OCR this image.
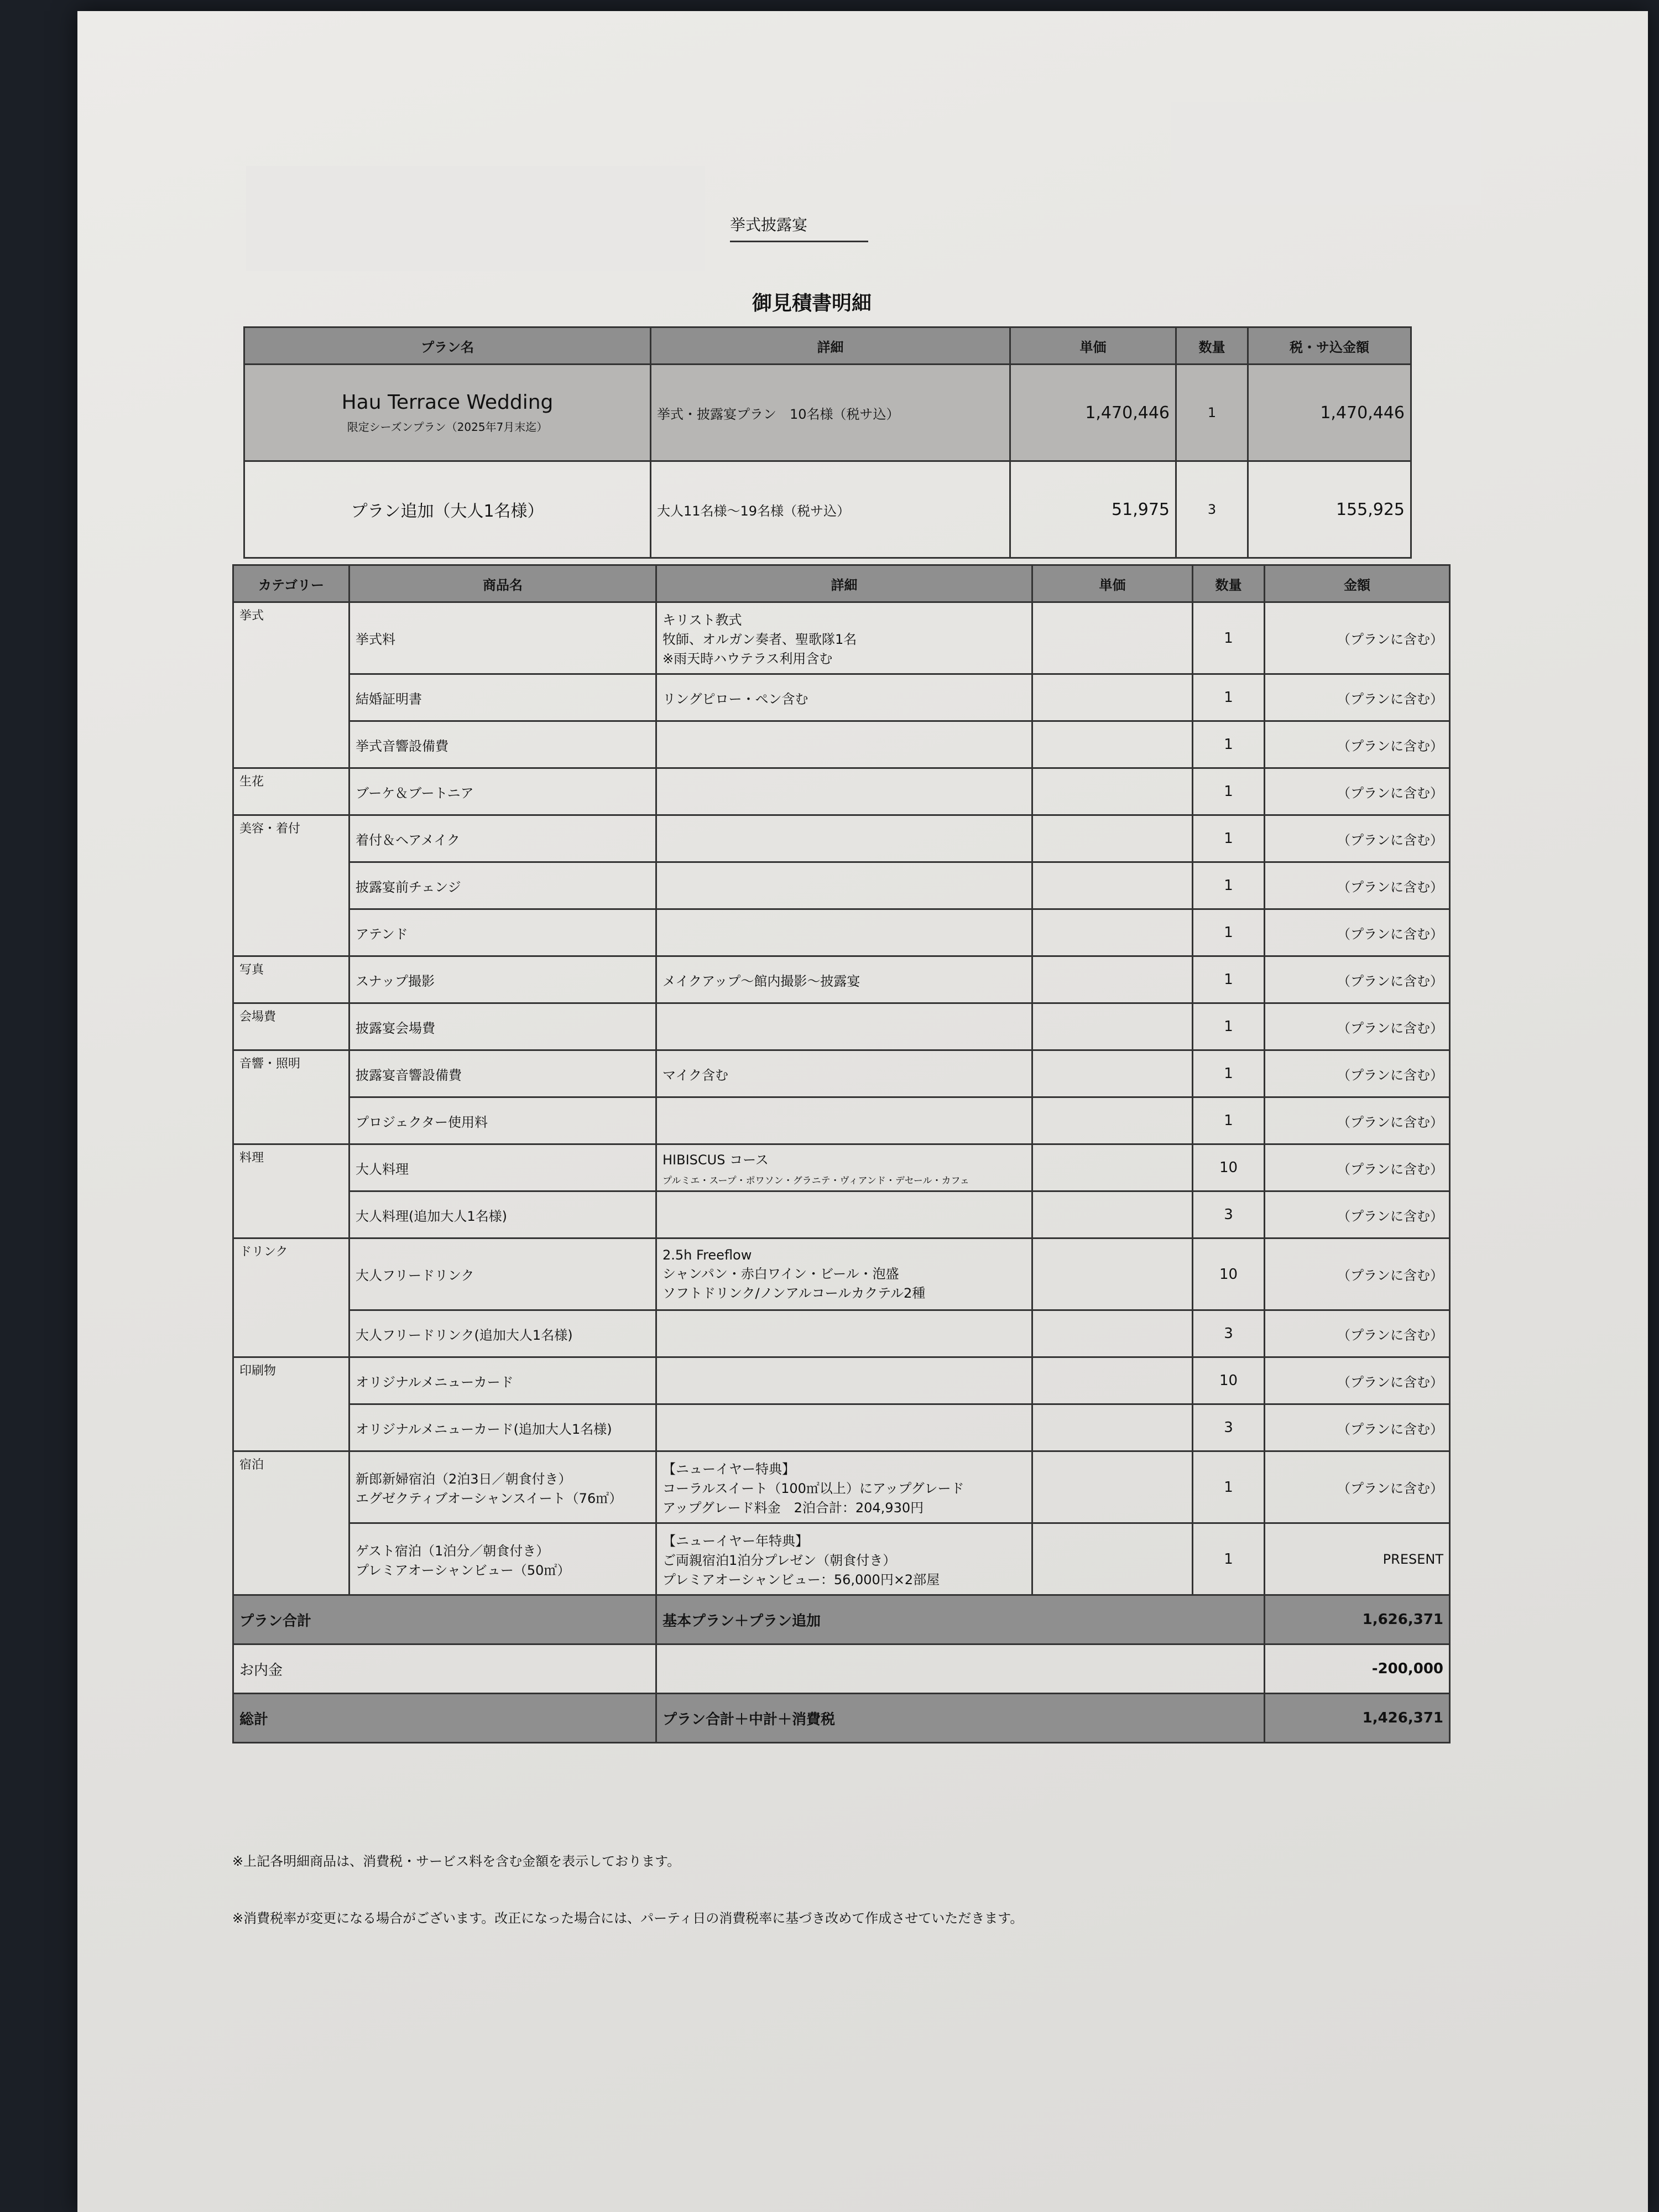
挙式披露宴
御見積書明細
プラン名	詳細	単価	数量	税・サ込金額
Hau Terrace Wedding
限定シーズンプラン（2025年7月末迄）	挙式・披露宴プラン　10名様（税サ込）	1,470,446	1	1,470,446
プラン追加（大人1名様）	大人11名様〜19名様（税サ込）	51,975	3	155,925
カテゴリー	商品名	詳細	単価	数量	金額
挙式	挙式料	キリスト教式
牧師、オルガン奏者、聖歌隊1名
※雨天時ハウテラス利用含む		1	（プランに含む）
	結婚証明書	リングピロー・ペン含む		1	（プランに含む）
	挙式音響設備費			1	（プランに含む）
生花	ブーケ＆ブートニア			1	（プランに含む）
美容・着付	着付＆ヘアメイク			1	（プランに含む）
	披露宴前チェンジ			1	（プランに含む）
	アテンド			1	（プランに含む）
写真	スナップ撮影	メイクアップ〜館内撮影〜披露宴		1	（プランに含む）
会場費	披露宴会場費			1	（プランに含む）
音響・照明	披露宴音響設備費	マイク含む		1	（プランに含む）
	プロジェクター使用料			1	（プランに含む）
料理	大人料理	HIBISCUS コース
プルミエ・スープ・ポワソン・グラニテ・ヴィアンド・デセール・カフェ		10	（プランに含む）
	大人料理(追加大人1名様)			3	（プランに含む）
ドリンク	大人フリードリンク	2.5h Freeflow
シャンパン・赤白ワイン・ビール・泡盛
ソフトドリンク/ノンアルコールカクテル2種		10	（プランに含む）
	大人フリードリンク(追加大人1名様)			3	（プランに含む）
印刷物	オリジナルメニューカード			10	（プランに含む）
	オリジナルメニューカード(追加大人1名様)			3	（プランに含む）
宿泊	新郎新婦宿泊（2泊3日／朝食付き）
エグゼクティブオーシャンスイート（76㎡）	【ニューイヤー特典】
コーラルスイート（100㎡以上）にアップグレード
アップグレード料金　2泊合計：204,930円		1	（プランに含む）
	ゲスト宿泊（1泊分／朝食付き）
プレミアオーシャンビュー（50㎡）	【ニューイヤー年特典】
ご両親宿泊1泊分プレゼン（朝食付き）
プレミアオーシャンビュー：56,000円×2部屋		1	PRESENT
プラン合計		基本プラン＋プラン追加			1,626,371
お内金					-200,000
総計		プラン合計＋中計＋消費税			1,426,371
※上記各明細商品は、消費税・サービス料を含む金額を表示しております。
※消費税率が変更になる場合がございます。改正になった場合には、パーティ日の消費税率に基づき改めて作成させていただきます。
